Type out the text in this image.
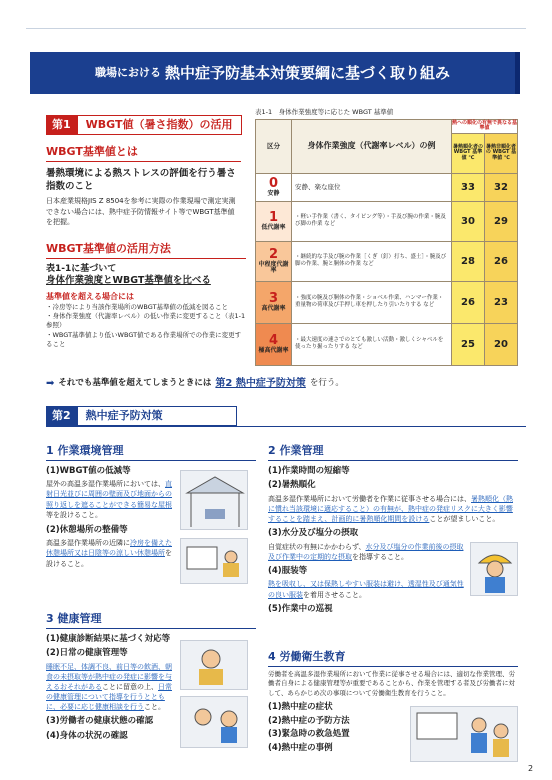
職場における 熱中症予防基本対策要綱に基づく取り組み
第1	WBGT値（暑さ指数）の活用
WBGT基準値とは
暑熱環境による熱ストレスの評価を行う暑さ指数のこと
日本産業規格JIS Z 8504を参考に実際の作業現場で測定実測できない場合には、熱中症予防情報サイト等でWBGT基準値を把握。
WBGT基準値の活用方法
表1-1に基づいて
身体作業強度とWBGT基準値を比べる
基準値を超える場合には
・冷房等により当該作業場所のWBGT基準値の低減を図ること
・身体作業強度（代謝率レベル）の低い作業に変更すること（表1-1参照）
・WBGT基準値より低いWBGT値である作業場所での作業に変更すること
表1-1　身体作業強度等に応じた WBGT 基準値
区分	身体作業強度（代謝率レベル）の例	熱への順化の有無で異なる基準値	
		暑熱順化者の WBGT 基準値 ℃	暑熱非順化者の WBGT 基準値 ℃

0
安静	安静、楽な座位	33	32

1
低代謝率	・軽い手作業（書く、タイピング等）・手及び腕の作業・腕及び脚の作業 など	30	29

2
中程度代謝率	・継続的な手及び腕の作業［くぎ（釘）打ち、盛土］・腕及び脚の作業、腕と胴体の作業 など	28	26

3
高代謝率	・強度の腕及び胴体の作業・ショベル作業、ハンマー作業・重量物の荷車及び手押し車を押したり引いたりする など	26	23

4
極高代謝率	・最大速度の速さでのとても激しい活動・激しくシャベルを使ったり掘ったりする など	25	20
➡ それでも基準値を超えてしまうときには 第2 熱中症予防対策 を行う。
第2	熱中症予防対策
1 作業環境管理
(1)WBGT値の低減等
屋外の高温多湿作業場所においては、直射日光並びに周囲の壁面及び地面からの照り返しを遮ることができる簡易な屋根等を設けること。
(2)休憩場所の整備等
高温多湿作業場所の近隣に冷房を備えた休憩場所又は日陰等の涼しい休憩場所を設けること。
3 健康管理
(1)健康診断結果に基づく対応等
(2)日常の健康管理等
睡眠不足、体調不良、前日等の飲酒、朝食の未摂取等が熱中症の発症に影響を与えるおそれがあることに留意の上、日常の健康管理について指導を行うとともに、必要に応じ健康相談を行うこと。
(3)労働者の健康状態の確認
(4)身体の状況の確認
2 作業管理
(1)作業時間の短縮等
(2)暑熱順化
高温多湿作業場所において労働者を作業に従事させる場合には、暑熱順化（熱に慣れ当該環境に適応すること）の有無が、熱中症の発症リスクに大きく影響することを踏まえ、計画的に暑熱順化期間を設けることが望ましいこと。
(3)水分及び塩分の摂取
自覚症状の有無にかかわらず、水分及び塩分の作業前後の摂取及び作業中の定期的な摂取を指導すること。
(4)服装等
熱を吸収し、又は保熱しやすい服装は避け、透湿性及び通気性の良い服装を着用させること。
(5)作業中の巡視
4 労働衛生教育
労働者を高温多湿作業場所において作業に従事させる場合には、適切な作業管理、労働者自身による健康管理等が重要であることから、作業を管理する者及び労働者に対して、あらかじめ次の事項について労働衛生教育を行うこと。
(1)熱中症の症状
(2)熱中症の予防方法
(3)緊急時の救急処置
(4)熱中症の事例
2
